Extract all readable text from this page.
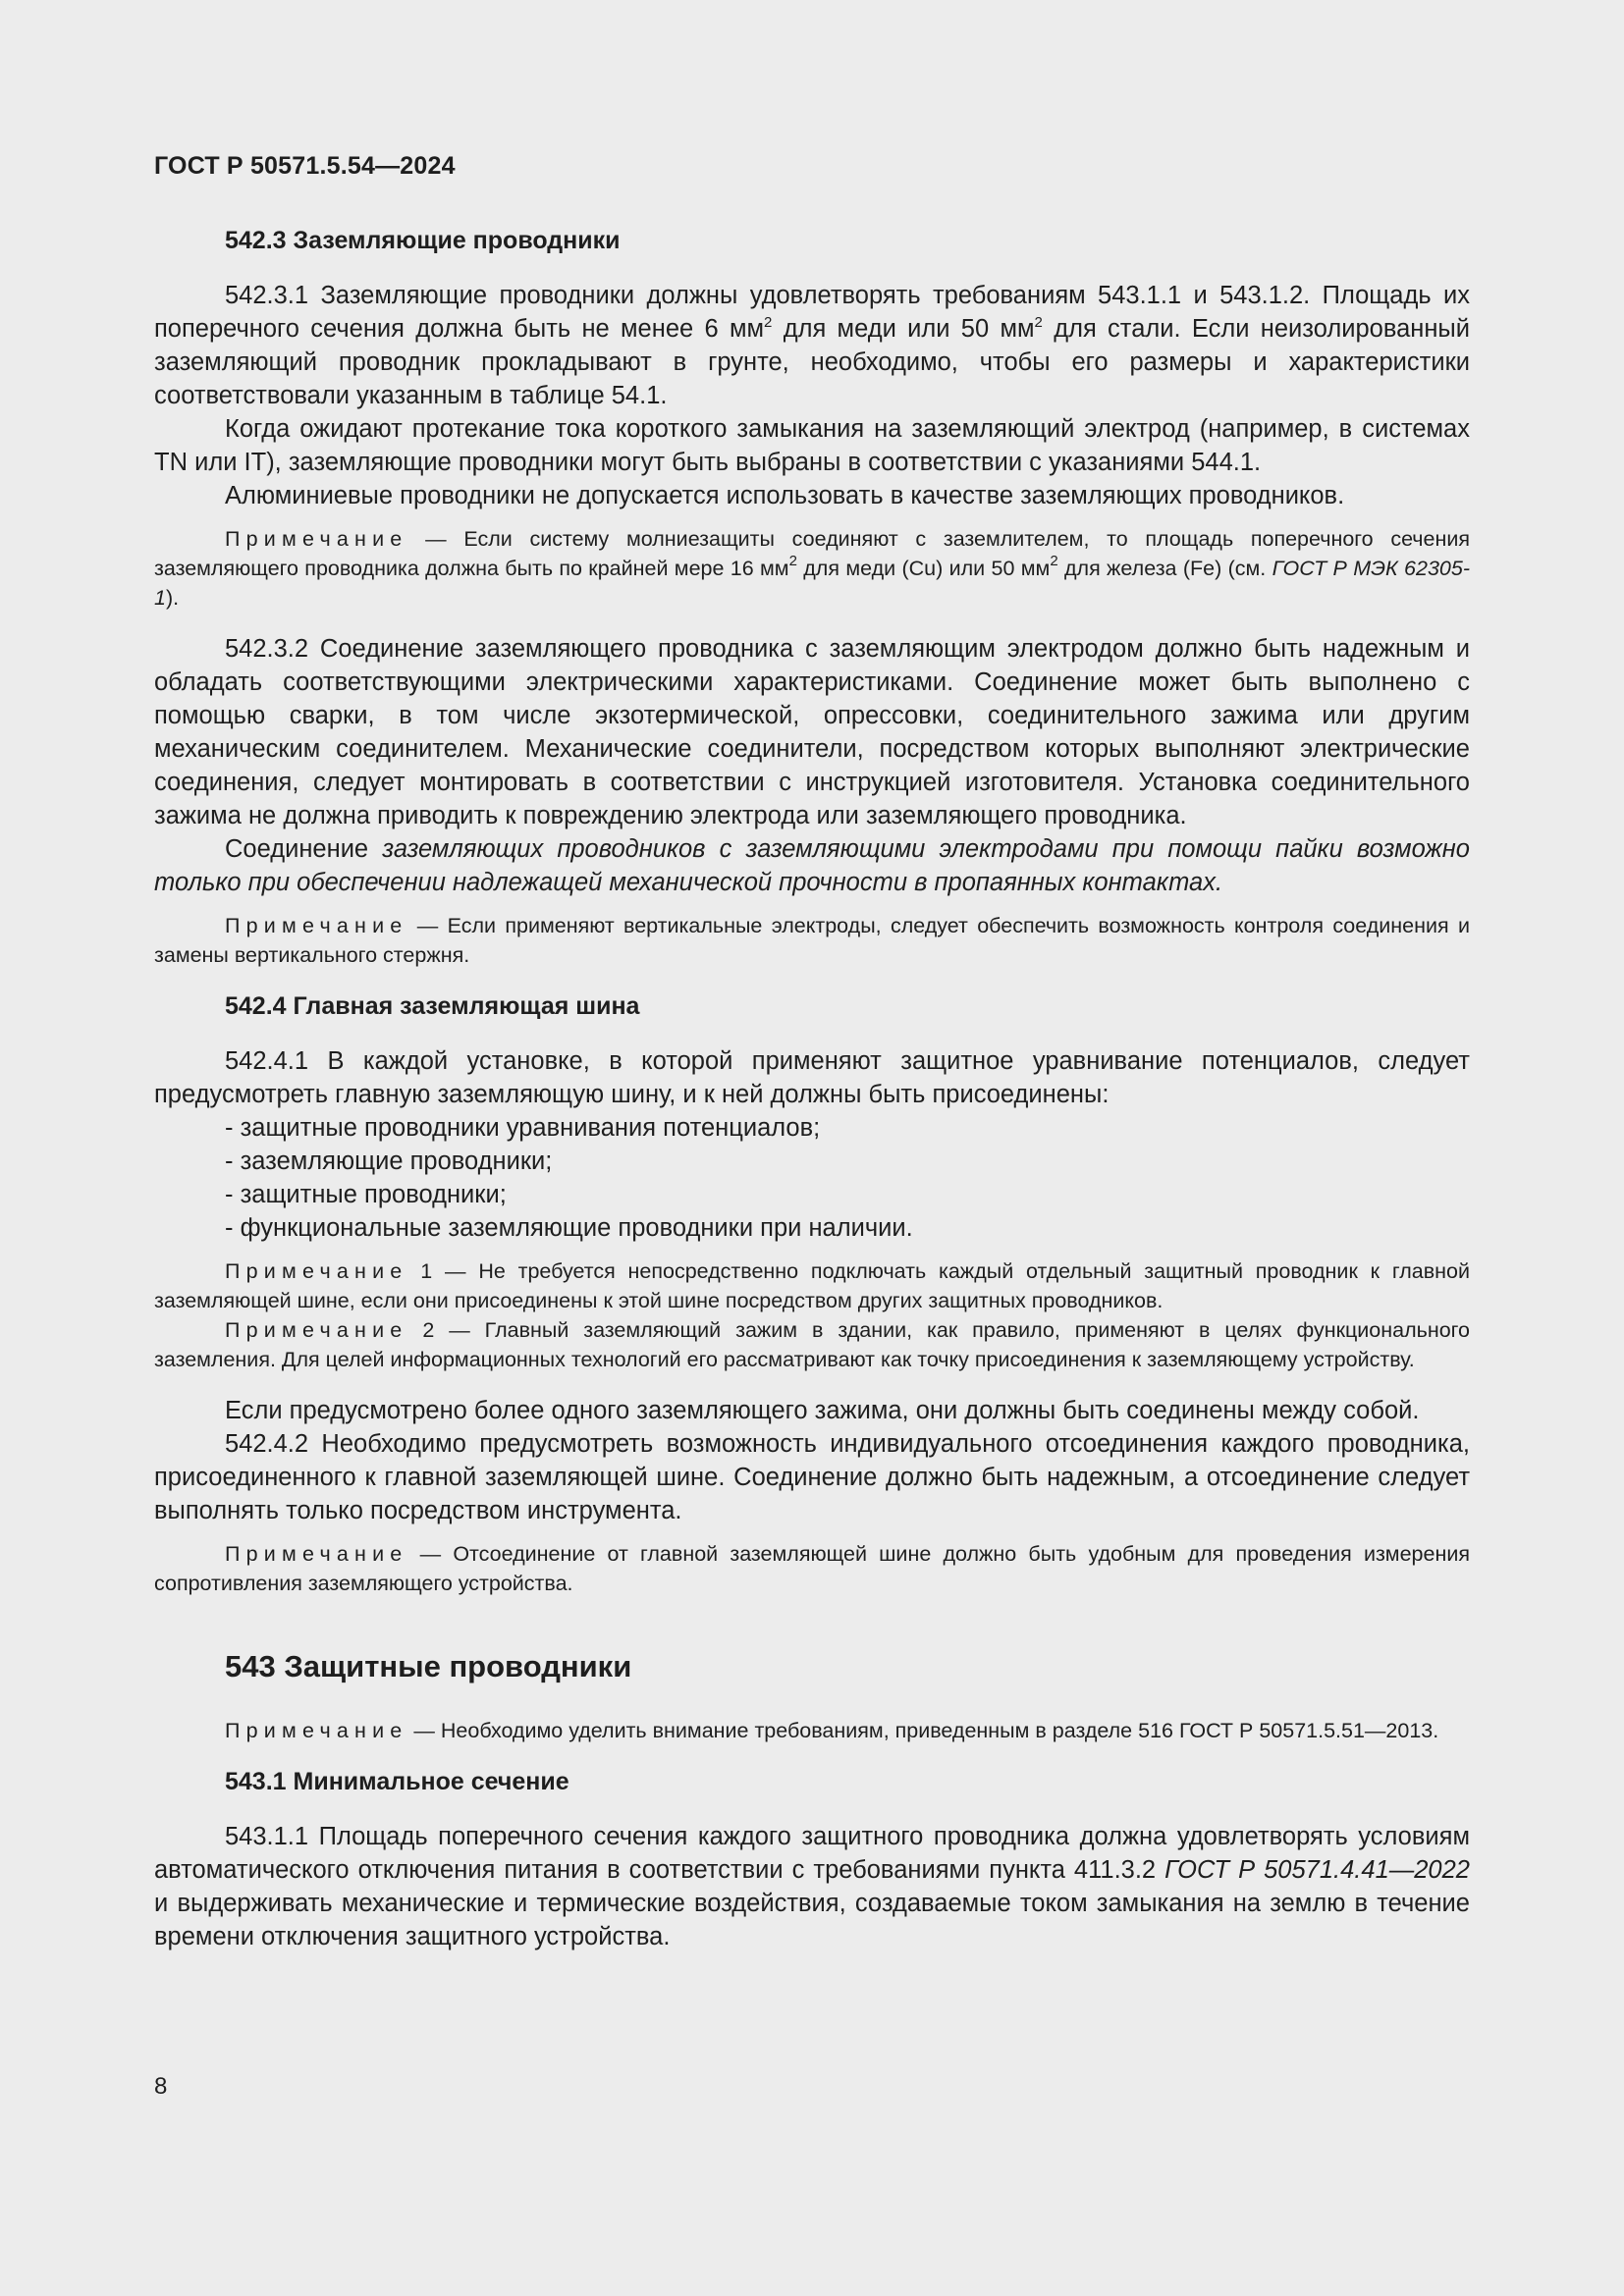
ГОСТ Р 50571.5.54—2024
542.3 Заземляющие проводники

542.3.1 Заземляющие проводники должны удовлетворять требованиям 543.1.1 и 543.1.2. Площадь их поперечного сечения должна быть не менее 6 $мм^2$ для меди или 50 $мм^2$ для стали. Если неизолированный заземляющий проводник прокладывают в грунте, необходимо, чтобы его размеры и характеристики соответствовали указанным в таблице 54.1.

Когда ожидают протекание тока короткого замыкания на заземляющий электрод (например, в системах TN или IT), заземляющие проводники могут быть выбраны в соответствии с указаниями 544.1.

Алюминиевые проводники не допускается использовать в качестве заземляющих проводников.

Примечание — Если систему молниезащиты соединяют с заземлителем, то площадь поперечного сечения заземляющего проводника должна быть по крайней мере 16 $мм^2$ для меди (Cu) или 50 $мм^2$ для железа (Fe) (см. ГОСТ Р МЭК 62305-1).

542.3.2 Соединение заземляющего проводника с заземляющим электродом должно быть надежным и обладать соответствующими электрическими характеристиками. Соединение может быть выполнено с помощью сварки, в том числе экзотермической, опрессовки, соединительного зажима или другим механическим соединителем. Механические соединители, посредством которых выполняют электрические соединения, следует монтировать в соответствии с инструкцией изготовителя. Установка соединительного зажима не должна приводить к повреждению электрода или заземляющего проводника.

Соединение заземляющих проводников с заземляющими электродами при помощи пайки возможно только при обеспечении надлежащей механической прочности в пропаянных контактах.

Примечание — Если применяют вертикальные электроды, следует обеспечить возможность контроля соединения и замены вертикального стержня.

542.4 Главная заземляющая шина

542.4.1 В каждой установке, в которой применяют защитное уравнивание потенциалов, следует предусмотреть главную заземляющую шину, и к ней должны быть присоединены:

- защитные проводники уравнивания потенциалов;
- заземляющие проводники;
- защитные проводники;
- функциональные заземляющие проводники при наличии.

Примечание 1 — Не требуется непосредственно подключать каждый отдельный защитный проводник к главной заземляющей шине, если они присоединены к этой шине посредством других защитных проводников.

Примечание 2 — Главный заземляющий зажим в здании, как правило, применяют в целях функционального заземления. Для целей информационных технологий его рассматривают как точку присоединения к заземляющему устройству.

Если предусмотрено более одного заземляющего зажима, они должны быть соединены между собой.

542.4.2 Необходимо предусмотреть возможность индивидуального отсоединения каждого проводника, присоединенного к главной заземляющей шине. Соединение должно быть надежным, а отсоединение следует выполнять только посредством инструмента.

Примечание — Отсоединение от главной заземляющей шине должно быть удобным для проведения измерения сопротивления заземляющего устройства.

543 Защитные проводники

Примечание — Необходимо уделить внимание требованиям, приведенным в разделе 516 ГОСТ Р 50571.5.51—2013.

543.1 Минимальное сечение

543.1.1 Площадь поперечного сечения каждого защитного проводника должна удовлетворять условиям автоматического отключения питания в соответствии с требованиями пункта 411.3.2 ГОСТ Р 50571.4.41—2022 и выдерживать механические и термические воздействия, создаваемые током замыкания на землю в течение времени отключения защитного устройства.

8
